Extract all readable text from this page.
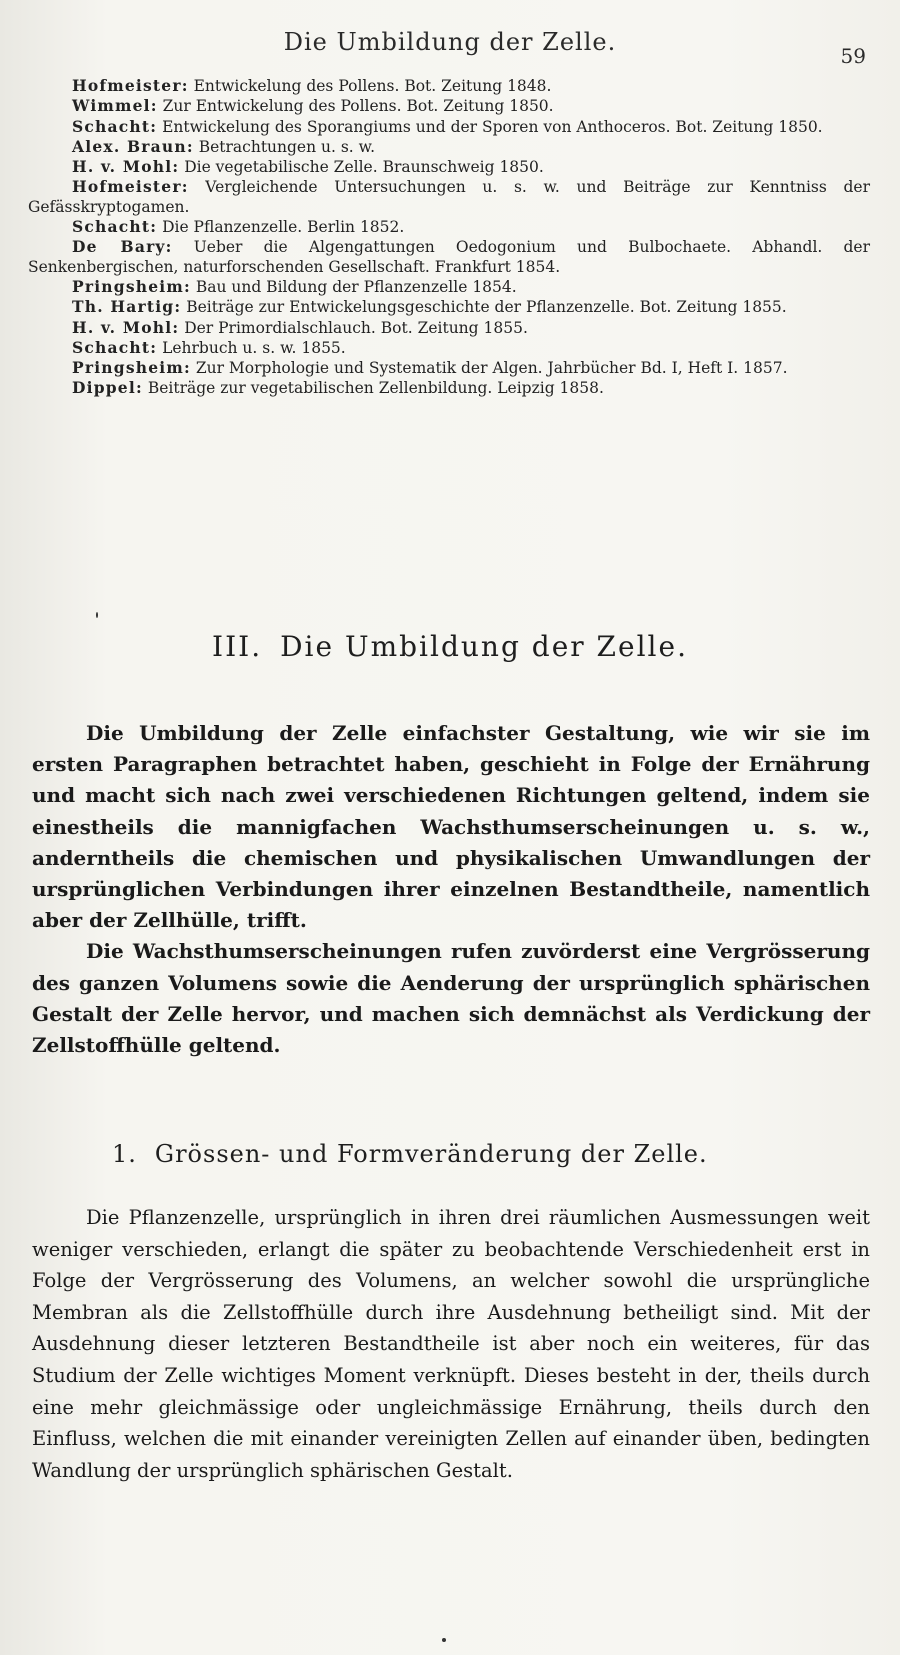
Die Umbildung der Zelle.	59

Hofmeister: Entwickelung des Pollens. Bot. Zeitung 1848.

Wimmel: Zur Entwickelung des Pollens. Bot. Zeitung 1850.

Schacht: Entwickelung des Sporangiums und der Sporen von Anthoceros. Bot. Zeitung 1850.

Alex. Braun: Betrachtungen u. s. w.

H. v. Mohl: Die vegetabilische Zelle. Braunschweig 1850.

Hofmeister: Vergleichende Untersuchungen u. s. w. und Beiträge zur Kenntniss der Gefässkryptogamen.

Schacht: Die Pflanzenzelle. Berlin 1852.

De Bary: Ueber die Algengattungen Oedogonium und Bulbochaete. Abhandl. der Senkenbergischen, naturforschenden Gesellschaft. Frankfurt 1854.

Pringsheim: Bau und Bildung der Pflanzenzelle 1854.

Th. Hartig: Beiträge zur Entwickelungsgeschichte der Pflanzenzelle. Bot. Zeitung 1855.

H. v. Mohl: Der Primordialschlauch. Bot. Zeitung 1855.

Schacht: Lehrbuch u. s. w. 1855.

Pringsheim: Zur Morphologie und Systematik der Algen. Jahrbücher Bd. I, Heft I. 1857.

Dippel: Beiträge zur vegetabilischen Zellenbildung. Leipzig 1858.

III. Die Umbildung der Zelle.

Die Umbildung der Zelle einfachster Gestaltung, wie wir sie im ersten Paragraphen betrachtet haben, geschieht in Folge der Ernährung und macht sich nach zwei verschiedenen Richtungen geltend, indem sie einestheils die mannigfachen Wachsthumserscheinungen u. s. w., anderntheils die chemischen und physikalischen Umwandlungen der ursprünglichen Verbindungen ihrer einzelnen Bestandtheile, namentlich aber der Zellhülle, trifft.

Die Wachsthumserscheinungen rufen zuvörderst eine Vergrösserung des ganzen Volumens sowie die Aenderung der ursprünglich sphärischen Gestalt der Zelle hervor, und machen sich demnächst als Verdickung der Zellstoffhülle geltend.

1. Grössen- und Formveränderung der Zelle.

Die Pflanzenzelle, ursprünglich in ihren drei räumlichen Ausmessungen weit weniger verschieden, erlangt die später zu beobachtende Verschiedenheit erst in Folge der Vergrösserung des Volumens, an welcher sowohl die ursprüngliche Membran als die Zellstoffhülle durch ihre Ausdehnung betheiligt sind. Mit der Ausdehnung dieser letzteren Bestandtheile ist aber noch ein weiteres, für das Studium der Zelle wichtiges Moment verknüpft. Dieses besteht in der, theils durch eine mehr gleichmässige oder ungleichmässige Ernährung, theils durch den Einfluss, welchen die mit einander vereinigten Zellen auf einander üben, bedingten Wandlung der ursprünglich sphärischen Gestalt.
